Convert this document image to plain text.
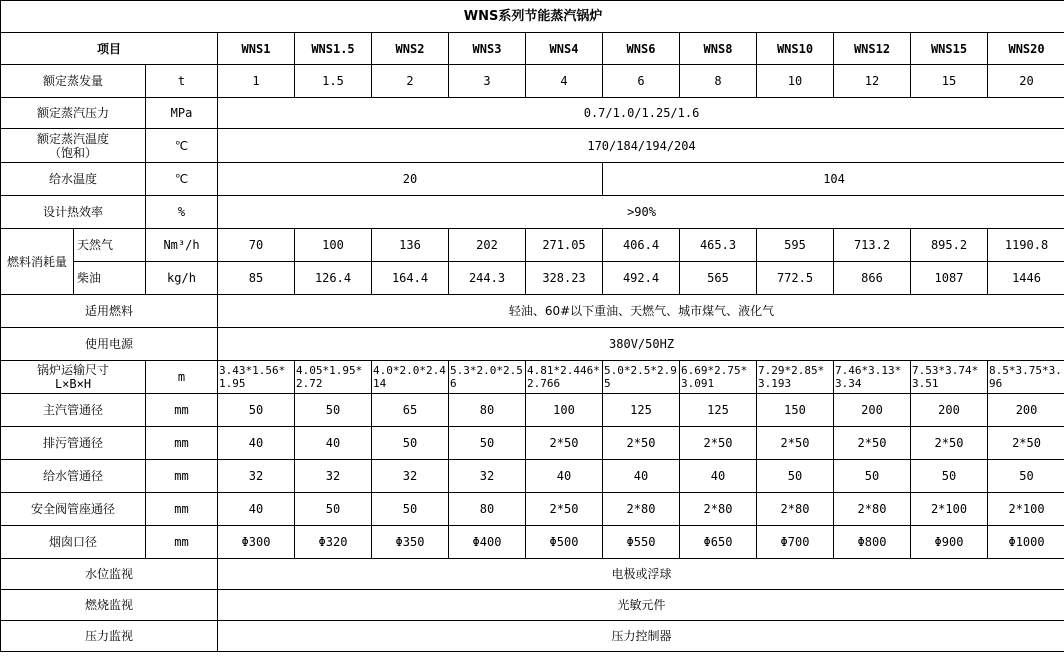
WNS系列节能蒸汽锅炉													
项目			WNS1	WNS1.5	WNS2	WNS3	WNS4	WNS6	WNS8	WNS10	WNS12	WNS15	WNS20
额定蒸发量		t	1	1.5	2	3	4	6	8	10	12	15	20
额定蒸汽压力		MPa	0.7/1.0/1.25/1.6										
额定蒸汽温度
（饱和）		℃	170/184/194/204										
给水温度		℃	20					104					
设计热效率		%	>90%										
燃料消耗量	天然气	Nm³/h	70	100	136	202	271.05	406.4	465.3	595	713.2	895.2	1190.8
	柴油	kg/h	85	126.4	164.4	244.3	328.23	492.4	565	772.5	866	1087	1446
适用燃料			轻油、60#以下重油、天燃气、城市煤气、液化气										
使用电源			380V/50HZ										
锅炉运输尺寸
L×B×H		m	3.43*1.56*1.95	4.05*1.95*2.72	4.0*2.0*2.414	5.3*2.0*2.56	4.81*2.446*2.766	5.0*2.5*2.95	6.69*2.75*3.091	7.29*2.85*3.193	7.46*3.13*3.34	7.53*3.74*3.51	8.5*3.75*3.96
主汽管通径		mm	50	50	65	80	100	125	125	150	200	200	200
排污管通径		mm	40	40	50	50	2*50	2*50	2*50	2*50	2*50	2*50	2*50
给水管通径		mm	32	32	32	32	40	40	40	50	50	50	50
安全阀管座通径		mm	40	50	50	80	2*50	2*80	2*80	2*80	2*80	2*100	2*100
烟囱口径		mm	Φ300	Φ320	Φ350	Φ400	Φ500	Φ550	Φ650	Φ700	Φ800	Φ900	Φ1000
水位监视			电极或浮球										
燃烧监视			光敏元件										
压力监视			压力控制器										
